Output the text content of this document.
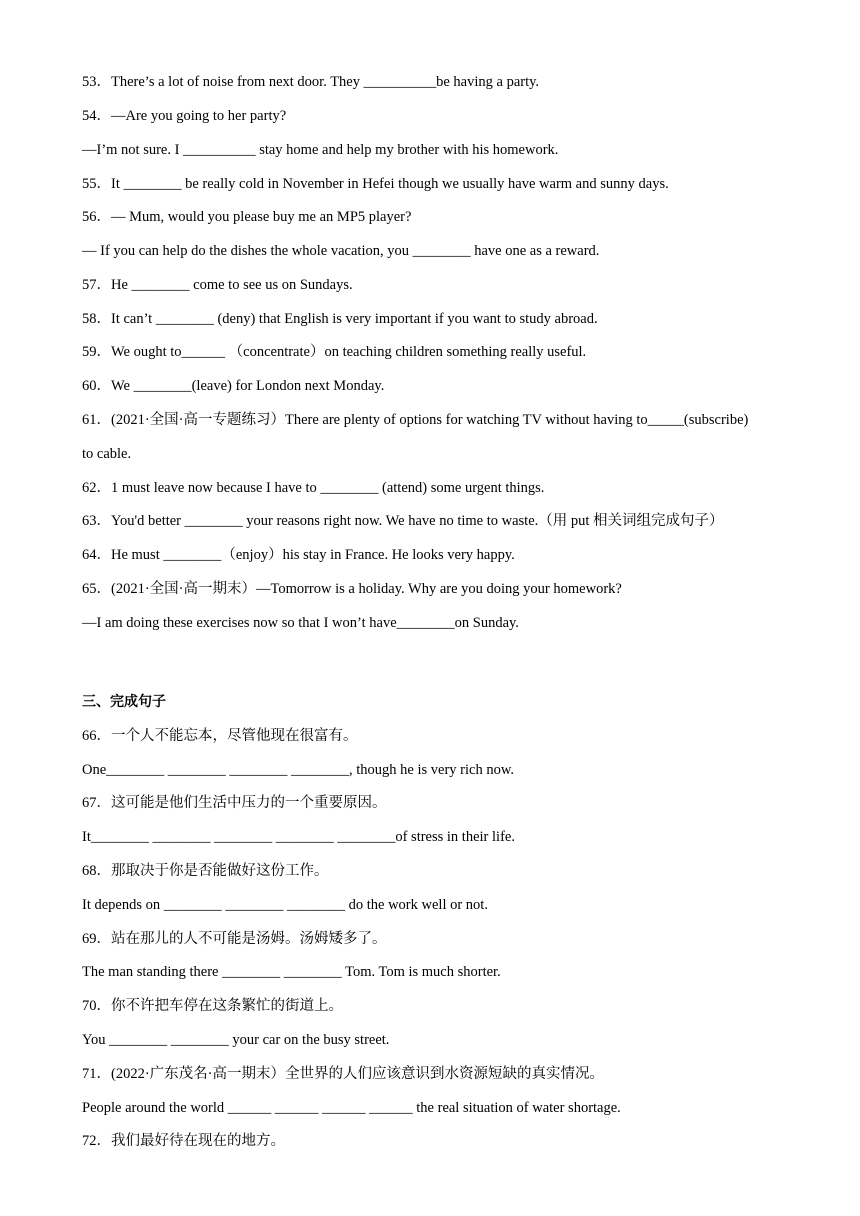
53．There’s a lot of noise from next door. They __________be having a party.
54．—Are you going to her party?
—I’m not sure. I __________ stay home and help my brother with his homework.
55．It ________ be really cold in November in Hefei though we usually have warm and sunny days.
56．— Mum, would you please buy me an MP5 player?
— If you can help do the dishes the whole vacation, you ________ have one as a reward.
57．He ________ come to see us on Sundays.
58．It can’t ________ (deny) that English is very important if you want to study abroad.
59．We ought to______ （concentrate）on teaching children something really useful.
60．We ________(leave) for London next Monday.
61．(2021·全国·高一专题练习）There are plenty of options for watching TV without having to_____(subscribe)
to cable.
62．1 must leave now because I have to ________ (attend) some urgent things.
63．You'd better ________ your reasons right now. We have no time to waste.（用 put 相关词组完成句子）
64．He must ________（enjoy）his stay in France. He looks very happy.
65．(2021·全国·高一期末）—Tomorrow is a holiday. Why are you doing your homework?
—I am doing these exercises now so that I won’t have________on Sunday.
三、完成句子
66．一个人不能忘本，尽管他现在很富有。
One________ ________ ________ ________, though he is very rich now.
67．这可能是他们生活中压力的一个重要原因。
It________ ________ ________ ________ ________of stress in their life.
68．那取决于你是否能做好这份工作。
It depends on ________ ________ ________ do the work well or not.
69．站在那儿的人不可能是汤姆。汤姆矮多了。
The man standing there ________ ________ Tom. Tom is much shorter.
70．你不许把车停在这条繁忙的街道上。
You ________ ________ your car on the busy street.
71．(2022·广东茂名·高一期末）全世界的人们应该意识到水资源短缺的真实情况。
People around the world ______ ______ ______ ______ the real situation of water shortage.
72．我们最好待在现在的地方。
